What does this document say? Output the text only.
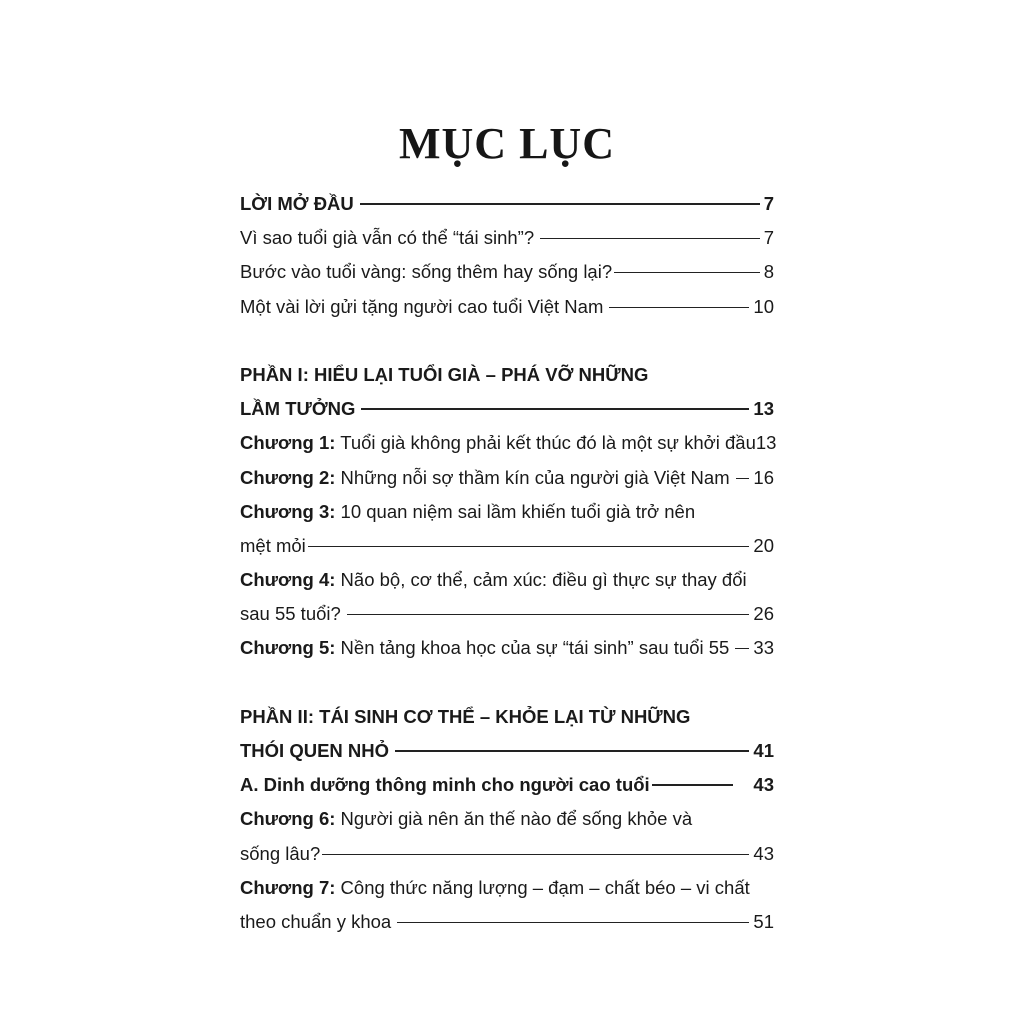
MỤC LỤC
LỜI MỞ ĐẦU	7
Vì sao tuổi già vẫn có thể “tái sinh”?	7
Bước vào tuổi vàng: sống thêm hay sống lại?	8
Một vài lời gửi tặng người cao tuổi Việt Nam	10
PHẦN I: HIỂU LẠI TUỔI GIÀ – PHÁ VỠ NHỮNG
LẦM TƯỞNG	13
Chương 1: Tuổi già không phải kết thúc đó là một sự khởi đầu 13
Chương 2: Những nỗi sợ thầm kín của người già Việt Nam 16
Chương 3: 10 quan niệm sai lầm khiến tuổi già trở nên
mệt mỏi	20
Chương 4: Não bộ, cơ thể, cảm xúc: điều gì thực sự thay đổi
sau 55 tuổi?	26
Chương 5: Nền tảng khoa học của sự “tái sinh” sau tuổi 55 33
PHẦN II: TÁI SINH CƠ THỂ – KHỎE LẠI TỪ NHỮNG
THÓI QUEN NHỎ	41
A. Dinh dưỡng thông minh cho người cao tuổi	43
Chương 6: Người già nên ăn thế nào để sống khỏe và
sống lâu?	43
Chương 7: Công thức năng lượng – đạm – chất béo – vi chất
theo chuẩn y khoa	51
